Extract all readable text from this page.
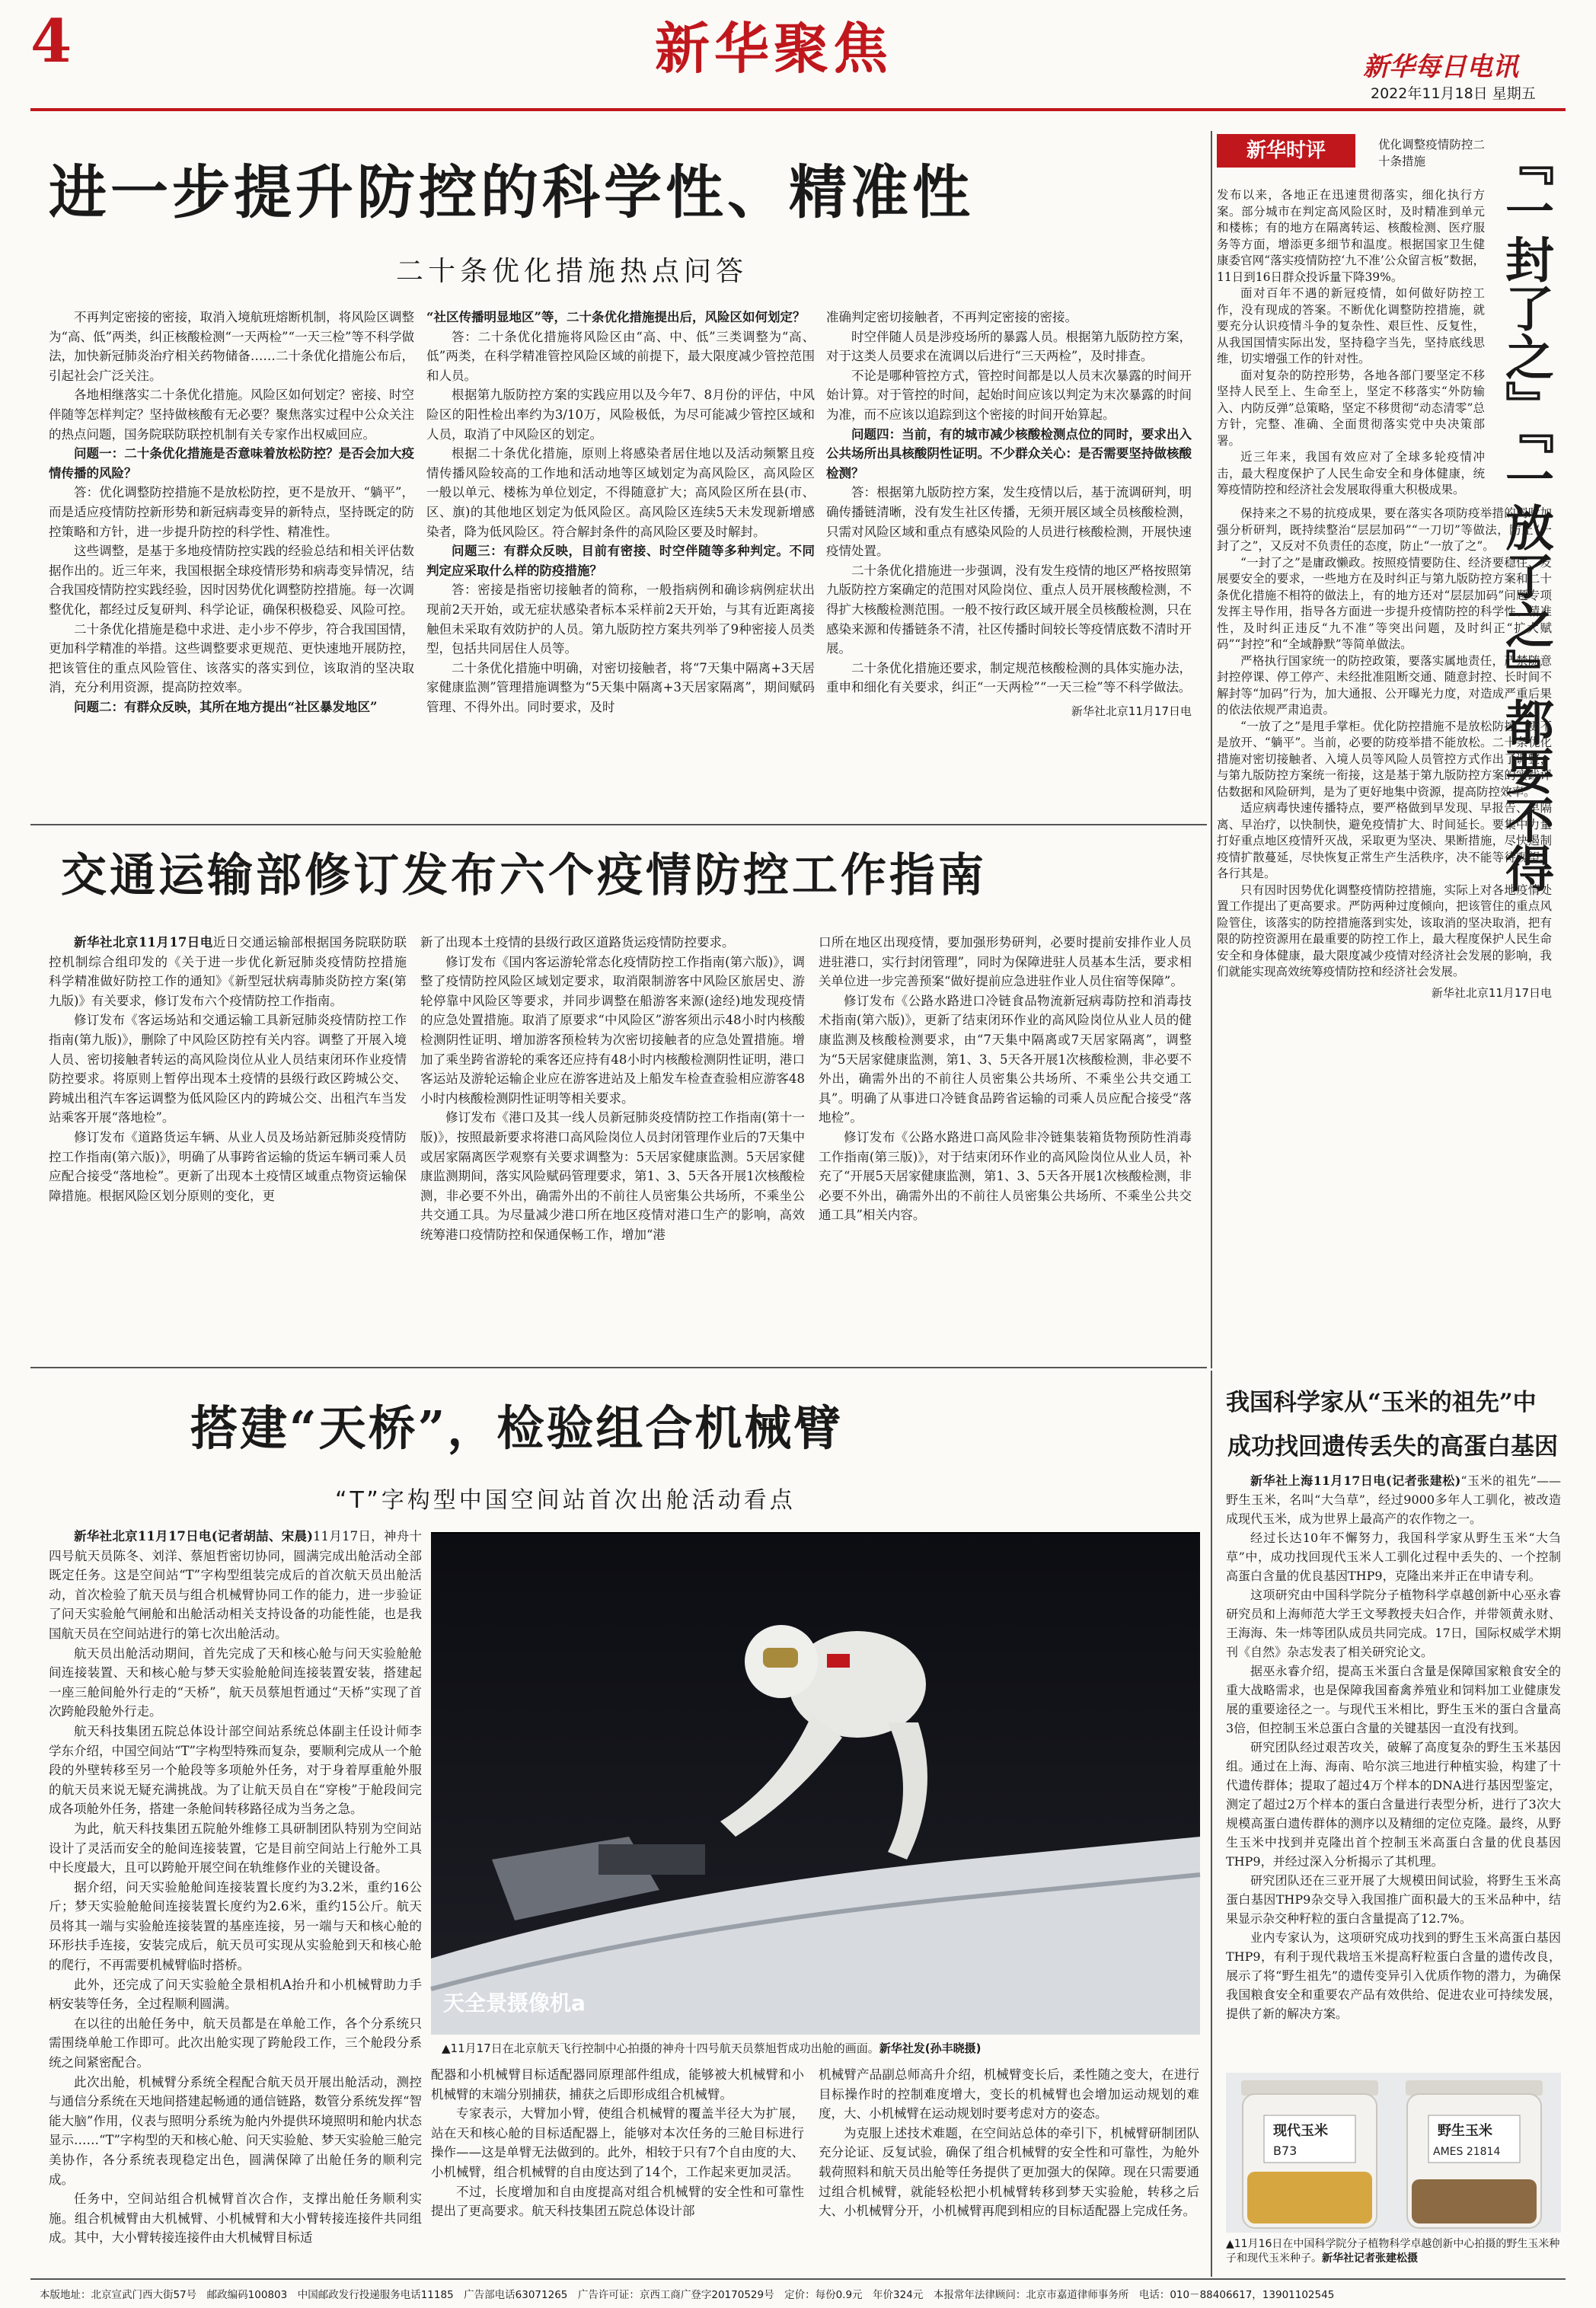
4	新华聚焦	新华每日电讯
2022年11月18日 星期五
进一步提升防控的科学性、精准性
二十条优化措施热点问答

不再判定密接的密接，取消入境航班熔断机制，将风险区调整为“高、低”两类，纠正核酸检测“一天两检”“一天三检”等不科学做法，加快新冠肺炎治疗相关药物储备……二十条优化措施公布后，引起社会广泛关注。

各地相继落实二十条优化措施。风险区如何划定？密接、时空伴随等怎样判定？坚持做核酸有无必要？聚焦落实过程中公众关注的热点问题，国务院联防联控机制有关专家作出权威回应。

问题一：二十条优化措施是否意味着放松防控？是否会加大疫情传播的风险？

答：优化调整防控措施不是放松防控，更不是放开、“躺平”，而是适应疫情防控新形势和新冠病毒变异的新特点，坚持既定的防控策略和方针，进一步提升防控的科学性、精准性。

这些调整，是基于多地疫情防控实践的经验总结和相关评估数据作出的。近三年来，我国根据全球疫情形势和病毒变异情况，结合我国疫情防控实践经验，因时因势优化调整防控措施。每一次调整优化，都经过反复研判、科学论证，确保积极稳妥、风险可控。

二十条优化措施是稳中求进、走小步不停步，符合我国国情，更加科学精准的举措。这些调整要求更规范、更快速地开展防控，把该管住的重点风险管住、该落实的落实到位，该取消的坚决取消，充分利用资源，提高防控效率。

问题二：有群众反映，其所在地方提出“社区暴发地区”

“社区传播明显地区”等，二十条优化措施提出后，风险区如何划定？

答：二十条优化措施将风险区由“高、中、低”三类调整为“高、低”两类，在科学精准管控风险区域的前提下，最大限度减少管控范围和人员。

根据第九版防控方案的实践应用以及今年7、8月份的评估，中风险区的阳性检出率约为3/10万，风险极低，为尽可能减少管控区域和人员，取消了中风险区的划定。

根据二十条优化措施，原则上将感染者居住地以及活动频繁且疫情传播风险较高的工作地和活动地等区域划定为高风险区，高风险区一般以单元、楼栋为单位划定，不得随意扩大；高风险区所在县(市、区、旗)的其他地区划定为低风险区。高风险区连续5天未发现新增感染者，降为低风险区。符合解封条件的高风险区要及时解封。

问题三：有群众反映，目前有密接、时空伴随等多种判定。不同判定应采取什么样的防疫措施？

答：密接是指密切接触者的简称，一般指病例和确诊病例症状出现前2天开始，或无症状感染者标本采样前2天开始，与其有近距离接触但未采取有效防护的人员。第九版防控方案共列举了9种密接人员类型，包括共同居住人员等。

二十条优化措施中明确，对密切接触者，将“7天集中隔离+3天居家健康监测”管理措施调整为“5天集中隔离+3天居家隔离”，期间赋码管理、不得外出。同时要求，及时

准确判定密切接触者，不再判定密接的密接。

时空伴随人员是涉疫场所的暴露人员。根据第九版防控方案，对于这类人员要求在流调以后进行“三天两检”，及时排查。

不论是哪种管控方式，管控时间都是以人员末次暴露的时间开始计算。对于管控的时间，起始时间应该以判定为末次暴露的时间为准，而不应该以追踪到这个密接的时间开始算起。

问题四：当前，有的城市减少核酸检测点位的同时，要求出入公共场所出具核酸阴性证明。不少群众关心：是否需要坚持做核酸检测？

答：根据第九版防控方案，发生疫情以后，基于流调研判，明确传播链清晰，没有发生社区传播，无须开展区域全员核酸检测，只需对风险区域和重点有感染风险的人员进行核酸检测，开展快速疫情处置。

二十条优化措施进一步强调，没有发生疫情的地区严格按照第九版防控方案确定的范围对风险岗位、重点人员开展核酸检测，不得扩大核酸检测范围。一般不按行政区域开展全员核酸检测，只在感染来源和传播链条不清，社区传播时间较长等疫情底数不清时开展。

二十条优化措施还要求，制定规范核酸检测的具体实施办法，重申和细化有关要求，纠正“一天两检”“一天三检”等不科学做法。

新华社北京11月17日电

交通运输部修订发布六个疫情防控工作指南

新华社北京11月17日电近日交通运输部根据国务院联防联控机制综合组印发的《关于进一步优化新冠肺炎疫情防控措施　科学精准做好防控工作的通知》《新型冠状病毒肺炎防控方案(第九版)》有关要求，修订发布六个疫情防控工作指南。

修订发布《客运场站和交通运输工具新冠肺炎疫情防控工作指南(第九版)》，删除了中风险区防控有关内容。调整了开展入境人员、密切接触者转运的高风险岗位从业人员结束闭环作业疫情防控要求。将原则上暂停出现本土疫情的县级行政区跨城公交、跨城出租汽车客运调整为低风险区内的跨城公交、出租汽车当发站乘客开展“落地检”。

修订发布《道路货运车辆、从业人员及场站新冠肺炎疫情防控工作指南(第六版)》，明确了从事跨省运输的货运车辆司乘人员应配合接受“落地检”。更新了出现本土疫情区域重点物资运输保障措施。根据风险区划分原则的变化，更

新了出现本土疫情的县级行政区道路货运疫情防控要求。

修订发布《国内客运游轮常态化疫情防控工作指南(第六版)》，调整了疫情防控风险区域划定要求，取消限制游客中风险区旅居史、游轮停靠中风险区等要求，并同步调整在船游客来源(途经)地发现疫情的应急处置措施。取消了原要求“中风险区”游客须出示48小时内核酸检测阴性证明、增加游客预检转为次密切接触者的应急处置措施。增加了乘坐跨省游轮的乘客还应持有48小时内核酸检测阴性证明，港口客运站及游轮运输企业应在游客进站及上船发车检查查验相应游客48小时内核酸检测阴性证明等相关要求。

修订发布《港口及其一线人员新冠肺炎疫情防控工作指南(第十一版)》，按照最新要求将港口高风险岗位人员封闭管理作业后的7天集中或居家隔离医学观察有关要求调整为：5天居家健康监测。5天居家健康监测期间，落实风险赋码管理要求，第1、3、5天各开展1次核酸检测，非必要不外出，确需外出的不前往人员密集公共场所，不乘坐公共交通工具。为尽量减少港口所在地区疫情对港口生产的影响，高效统筹港口疫情防控和保通保畅工作，增加“港

口所在地区出现疫情，要加强形势研判，必要时提前安排作业人员进驻港口，实行封闭管理”，同时为保障进驻人员基本生活，要求相关单位进一步完善预案“做好提前应急进驻作业人员住宿等保障”。

修订发布《公路水路进口冷链食品物流新冠病毒防控和消毒技术指南(第六版)》，更新了结束闭环作业的高风险岗位从业人员的健康监测及核酸检测要求，由“7天集中隔离或7天居家隔离”，调整为“5天居家健康监测，第1、3、5天各开展1次核酸检测，非必要不外出，确需外出的不前往人员密集公共场所、不乘坐公共交通工具”。明确了从事进口冷链食品跨省运输的司乘人员应配合接受“落地检”。

修订发布《公路水路进口高风险非冷链集装箱货物预防性消毒工作指南(第三版)》，对于结束闭环作业的高风险岗位从业人员，补充了“开展5天居家健康监测，第1、3、5天各开展1次核酸检测，非必要不外出，确需外出的不前往人员密集公共场所、不乘坐公共交通工具”相关内容。

新华时评	『一封了之』『一放了之』都要不得
优化调整疫情防控二十条措施

发布以来，各地正在迅速贯彻落实，细化执行方案。部分城市在判定高风险区时，及时精准到单元和楼栋；有的地方在隔离转运、核酸检测、医疗服务等方面，增添更多细节和温度。根据国家卫生健康委官网“落实疫情防控‘九不准’公众留言板”数据，11日到16日群众投诉量下降39%。

面对百年不遇的新冠疫情，如何做好防控工作，没有现成的答案。不断优化调整防控措施，就要充分认识疫情斗争的复杂性、艰巨性、反复性，从我国国情实际出发，坚持稳字当先，坚持底线思维，切实增强工作的针对性。

面对复杂的防控形势，各地各部门要坚定不移坚持人民至上、生命至上，坚定不移落实“外防输入、内防反弹”总策略，坚定不移贯彻“动态清零”总方针，完整、准确、全面贯彻落实党中央决策部署。

近三年来，我国有效应对了全球多轮疫情冲击，最大程度保护了人民生命安全和身体健康，统筹疫情防控和经济社会发展取得重大积极成果。

保持来之不易的抗疫成果，要在落实各项防疫举措的同时加强分析研判，既持续整治“层层加码”“一刀切”等做法，防止“一封了之”，又反对不负责任的态度，防止“一放了之”。

“一封了之”是庸政懒政。按照疫情要防住、经济要稳住、发展要安全的要求，一些地方在及时纠正与第九版防控方案和二十条优化措施不相符的做法上，有的地方还对“层层加码”问题专项发挥主导作用，指导各方面进一步提升疫情防控的科学性、精准性，及时纠正违反“九不准”等突出问题，及时纠正“扩大赋码”“封控”和“全域静默”等简单做法。

严格执行国家统一的防控政策，要落实属地责任，严禁随意封控停课、停工停产、未经批准阻断交通、随意封控、长时间不解封等“加码”行为，加大通报、公开曝光力度，对造成严重后果的依法依规严肃追责。

“一放了之”是甩手掌柜。优化防控措施不是放松防控，更不是放开、“躺平”。当前，必要的防疫举措不能放松。二十条优化措施对密切接触者、入境人员等风险人员管控方式作出了调整，与第九版防控方案统一衔接，这是基于第九版防控方案的实践评估数据和风险研判，是为了更好地集中资源，提高防控效率。

适应病毒快速传播特点，要严格做到早发现、早报告、早隔离、早治疗，以快制快，避免疫情扩大、时间延长。要集中力量打好重点地区疫情歼灭战，采取更为坚决、果断措施，尽快遏制疫情扩散蔓延，尽快恢复正常生产生活秩序，决不能等待观望、各行其是。

只有因时因势优化调整疫情防控措施，实际上对各地疫情处置工作提出了更高要求。严防两种过度倾向，把该管住的重点风险管住，该落实的防控措施落到实处，该取消的坚决取消，把有限的防控资源用在最重要的防控工作上，最大程度保护人民生命安全和身体健康，最大限度减少疫情对经济社会发展的影响，我们就能实现高效统筹疫情防控和经济社会发展。

新华社北京11月17日电

搭建“天桥”，检验组合机械臂
“T”字构型中国空间站首次出舱活动看点

新华社北京11月17日电(记者胡喆、宋晨)11月17日，神舟十四号航天员陈冬、刘洋、蔡旭哲密切协同，圆满完成出舱活动全部既定任务。这是空间站“T”字构型组装完成后的首次航天员出舱活动，首次检验了航天员与组合机械臂协同工作的能力，进一步验证了问天实验舱气闸舱和出舱活动相关支持设备的功能性能，也是我国航天员在空间站进行的第七次出舱活动。

航天员出舱活动期间，首先完成了天和核心舱与问天实验舱舱间连接装置、天和核心舱与梦天实验舱舱间连接装置安装，搭建起一座三舱间舱外行走的“天桥”，航天员蔡旭哲通过“天桥”实现了首次跨舱段舱外行走。

航天科技集团五院总体设计部空间站系统总体副主任设计师李学东介绍，中国空间站“T”字构型特殊而复杂，要顺利完成从一个舱段的外壁转移至另一个舱段等多项舱外任务，对于身着厚重舱外服的航天员来说无疑充满挑战。为了让航天员自在“穿梭”于舱段间完成各项舱外任务，搭建一条舱间转移路径成为当务之急。

为此，航天科技集团五院舱外维修工具研制团队特别为空间站设计了灵活而安全的舱间连接装置，它是目前空间站上行舱外工具中长度最大，且可以跨舱开展空间在轨维修作业的关键设备。

据介绍，问天实验舱舱间连接装置长度约为3.2米，重约16公斤；梦天实验舱舱间连接装置长度约为2.6米，重约15公斤。航天员将其一端与实验舱连接装置的基座连接，另一端与天和核心舱的环形扶手连接，安装完成后，航天员可实现从实验舱到天和核心舱的爬行，不再需要机械臂临时搭桥。

此外，还完成了问天实验舱全景相机A抬升和小机械臂助力手柄安装等任务，全过程顺利圆满。

在以往的出舱任务中，航天员都是在单舱工作，各个分系统只需围绕单舱工作即可。此次出舱实现了跨舱段工作，三个舱段分系统之间紧密配合。

此次出舱，机械臂分系统全程配合航天员开展出舱活动，测控与通信分系统在天地间搭建起畅通的通信链路，数管分系统发挥“智能大脑”作用，仪表与照明分系统为舱内外提供环境照明和舱内状态显示……“T”字构型的天和核心舱、问天实验舱、梦天实验舱三舱完美协作，各分系统表现稳定出色，圆满保障了出舱任务的顺利完成。

任务中，空间站组合机械臂首次合作，支撑出舱任务顺利实施。组合机械臂由大机械臂、小机械臂和大小臂转接连接件共同组成。其中，大小臂转接连接件由大机械臂目标适

天全景摄像机a
▲11月17日在北京航天飞行控制中心拍摄的神舟十四号航天员蔡旭哲成功出舱的画面。新华社发(孙丰晓摄)

配器和小机械臂目标适配器同原理部件组成，能够被大机械臂和小机械臂的末端分别捕获，捕获之后即形成组合机械臂。

专家表示，大臂加小臂，使组合机械臂的覆盖半径大为扩展，站在天和核心舱的目标适配器上，能够对本次任务的三舱目标进行操作——这是单臂无法做到的。此外，相较于只有7个自由度的大、小机械臂，组合机械臂的自由度达到了14个，工作起来更加灵活。

不过，长度增加和自由度提高对组合机械臂的安全性和可靠性提出了更高要求。航天科技集团五院总体设计部

机械臂产品副总师高升介绍，机械臂变长后，柔性随之变大，在进行目标操作时的控制难度增大，变长的机械臂也会增加运动规划的难度，大、小机械臂在运动规划时要考虑对方的姿态。

为克服上述技术难题，在空间站总体的牵引下，机械臂研制团队充分论证、反复试验，确保了组合机械臂的安全性和可靠性，为舱外载荷照料和航天员出舱等任务提供了更加强大的保障。现在只需要通过组合机械臂，就能轻松把小机械臂转移到梦天实验舱，转移之后大、小机械臂分开，小机械臂再爬到相应的目标适配器上完成任务。

我国科学家从“玉米的祖先”中
成功找回遗传丢失的高蛋白基因

新华社上海11月17日电(记者张建松)“玉米的祖先”——野生玉米，名叫“大刍草”，经过9000多年人工驯化，被改造成现代玉米，成为世界上最高产的农作物之一。

经过长达10年不懈努力，我国科学家从野生玉米“大刍草”中，成功找回现代玉米人工驯化过程中丢失的、一个控制高蛋白含量的优良基因THP9，克隆出来并正在申请专利。

这项研究由中国科学院分子植物科学卓越创新中心巫永睿研究员和上海师范大学王文琴教授夫妇合作，并带领黄永财、王海海、朱一炜等团队成员共同完成。17日，国际权威学术期刊《自然》杂志发表了相关研究论文。

据巫永睿介绍，提高玉米蛋白含量是保障国家粮食安全的重大战略需求，也是保障我国畜禽养殖业和饲料加工业健康发展的重要途径之一。与现代玉米相比，野生玉米的蛋白含量高3倍，但控制玉米总蛋白含量的关键基因一直没有找到。

研究团队经过艰苦攻关，破解了高度复杂的野生玉米基因组。通过在上海、海南、哈尔滨三地进行种植实验，构建了十代遗传群体；提取了超过4万个样本的DNA进行基因型鉴定，测定了超过2万个样本的蛋白含量进行表型分析，进行了3次大规模高蛋白遗传群体的测序以及精细的定位克隆。最终，从野生玉米中找到并克隆出首个控制玉米高蛋白含量的优良基因THP9，并经过深入分析揭示了其机理。

研究团队还在三亚开展了大规模田间试验，将野生玉米高蛋白基因THP9杂交导入我国推广面积最大的玉米品种中，结果显示杂交种籽粒的蛋白含量提高了12.7%。

业内专家认为，这项研究成功找到的野生玉米高蛋白基因THP9，有利于现代栽培玉米提高籽粒蛋白含量的遗传改良，展示了将“野生祖先”的遗传变异引入优质作物的潜力，为确保我国粮食安全和重要农产品有效供给、促进农业可持续发展，提供了新的解决方案。

现代玉米
B73
野生玉米
AMES 21814
▲11月16日在中国科学院分子植物科学卓越创新中心拍摄的野生玉米种子和现代玉米种子。新华社记者张建松摄
本版地址：北京宣武门西大街57号　邮政编码100803　中国邮政发行投递服务电话11185　广告部电话63071265　广告许可证：京西工商广登字20170529号　定价：每份0.9元　年价324元　本报常年法律顾问：北京市嘉道律师事务所　电话：010－88406617，13901102545
